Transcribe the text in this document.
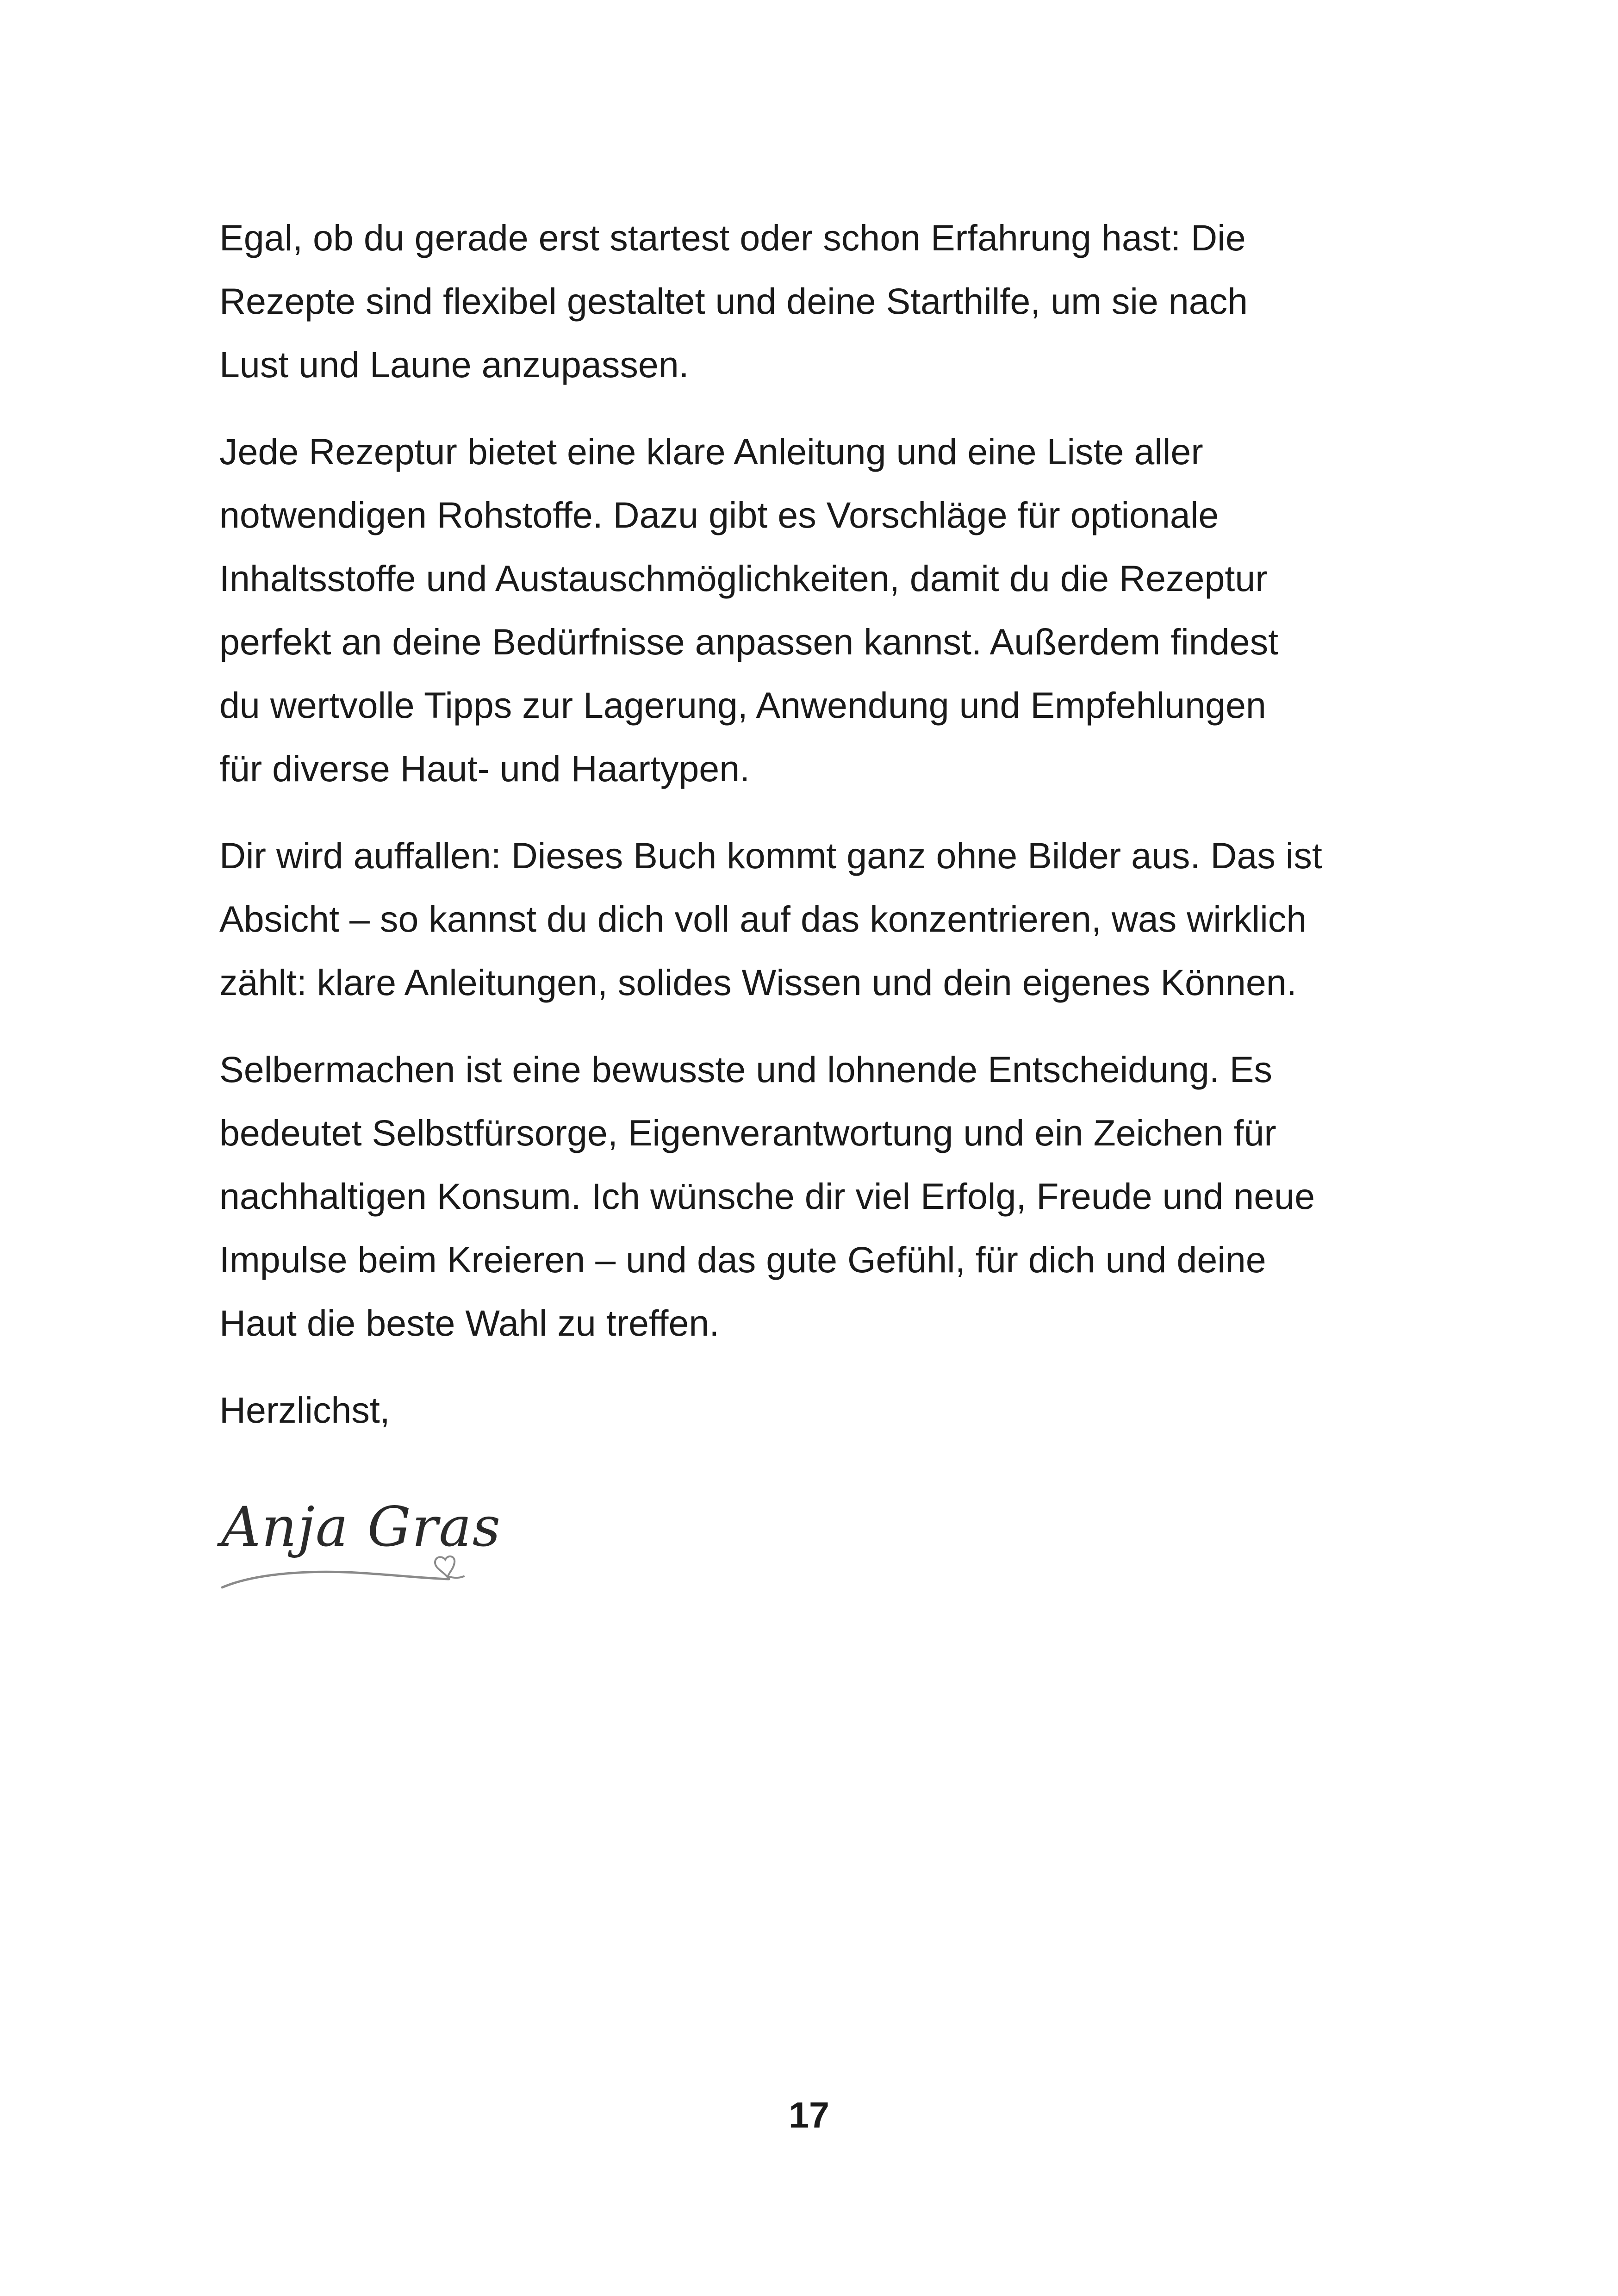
Egal, ob du gerade erst startest oder schon Erfahrung hast: Die
Rezepte sind flexibel gestaltet und deine Starthilfe, um sie nach
Lust und Laune anzupassen.

Jede Rezeptur bietet eine klare Anleitung und eine Liste aller
notwendigen Rohstoffe. Dazu gibt es Vorschläge für optionale
Inhaltsstoffe und Austauschmöglichkeiten, damit du die Rezeptur
perfekt an deine Bedürfnisse anpassen kannst. Außerdem findest
du wertvolle Tipps zur Lagerung, Anwendung und Empfehlungen
für diverse Haut- und Haartypen.

Dir wird auffallen: Dieses Buch kommt ganz ohne Bilder aus. Das ist
Absicht – so kannst du dich voll auf das konzentrieren, was wirklich
zählt: klare Anleitungen, solides Wissen und dein eigenes Können.

Selbermachen ist eine bewusste und lohnende Entscheidung. Es
bedeutet Selbstfürsorge, Eigenverantwortung und ein Zeichen für
nachhaltigen Konsum. Ich wünsche dir viel Erfolg, Freude und neue
Impulse beim Kreieren – und das gute Gefühl, für dich und deine
Haut die beste Wahl zu treffen.

Herzlichst,

Anja Gras
17
